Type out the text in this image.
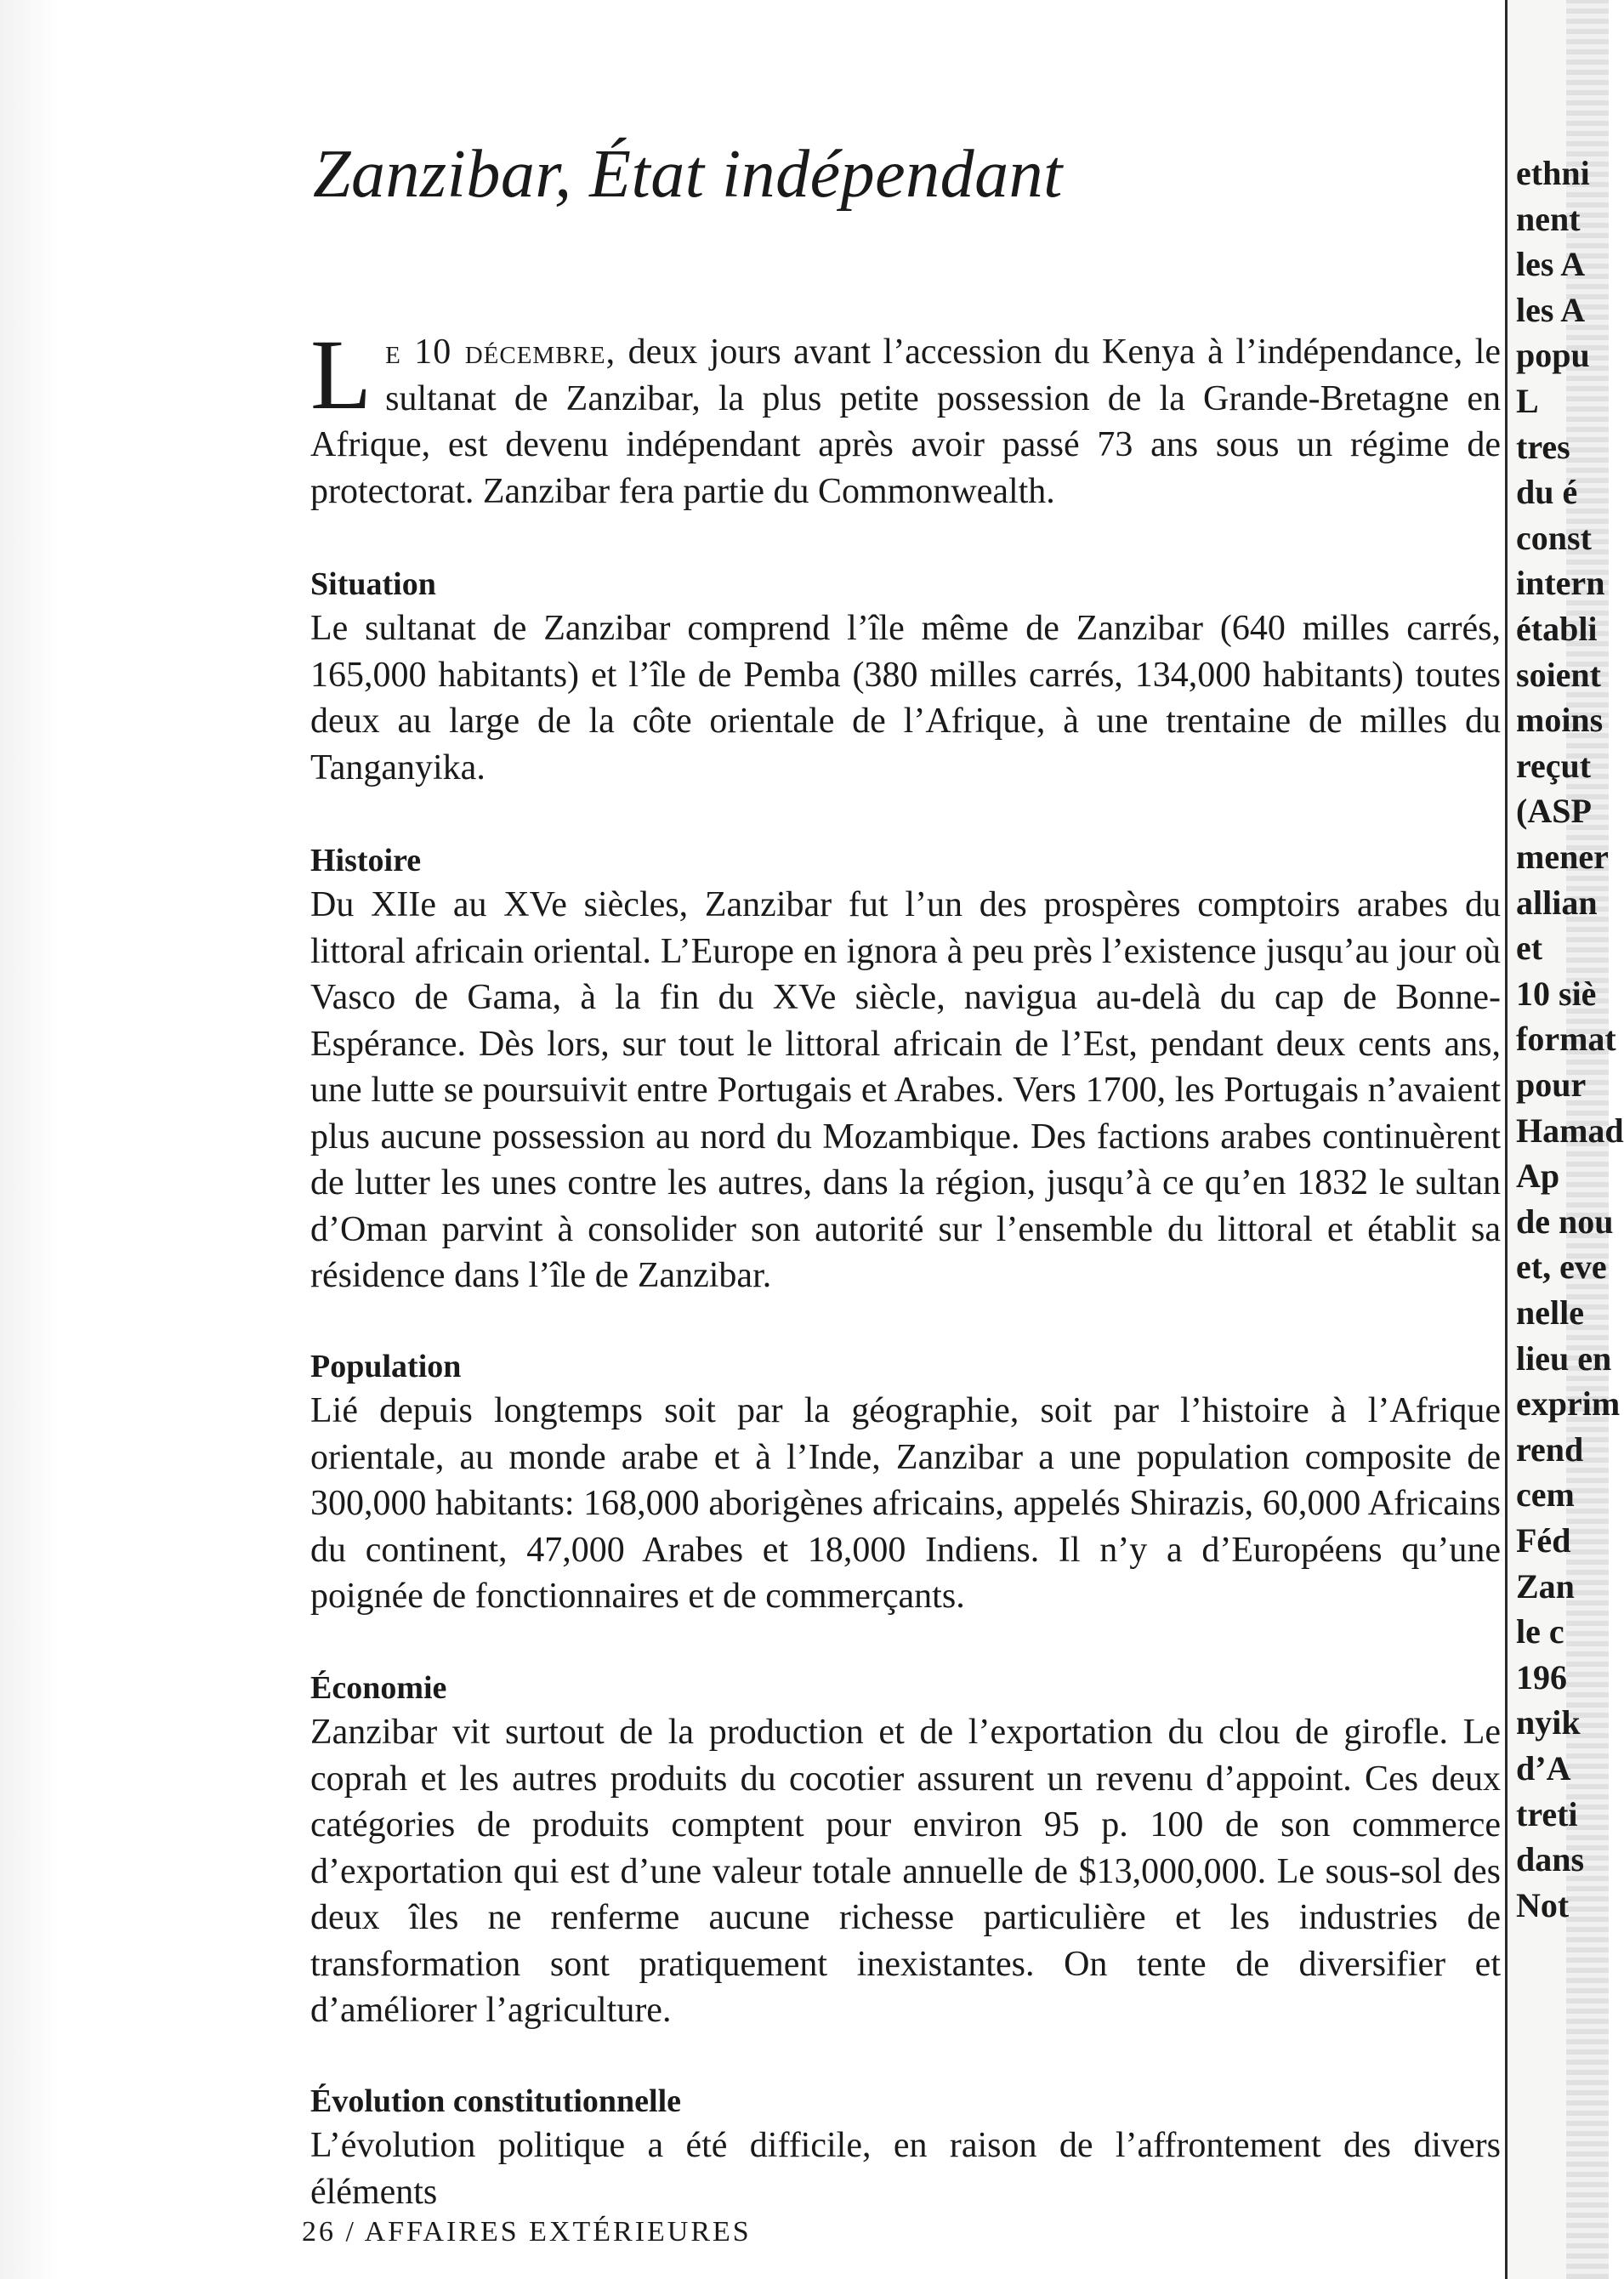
Zanzibar, État indépendant

Le 10 décembre, deux jours avant l’accession du Kenya à l’indépendance, le sultanat de Zanzibar, la plus petite possession de la Grande-Bretagne en Afrique, est devenu indépendant après avoir passé 73 ans sous un régime de protectorat. Zanzibar fera partie du Commonwealth.

Situation

Le sultanat de Zanzibar comprend l’île même de Zanzibar (640 milles carrés, 165,000 habitants) et l’île de Pemba (380 milles carrés, 134,000 habitants) toutes deux au large de la côte orientale de l’Afrique, à une trentaine de milles du Tanganyika.

Histoire

Du XIIe au XVe siècles, Zanzibar fut l’un des prospères comptoirs arabes du littoral africain oriental. L’Europe en ignora à peu près l’existence jusqu’au jour où Vasco de Gama, à la fin du XVe siècle, navigua au-delà du cap de Bonne-Espérance. Dès lors, sur tout le littoral africain de l’Est, pendant deux cents ans, une lutte se poursuivit entre Portugais et Arabes. Vers 1700, les Portugais n’avaient plus aucune possession au nord du Mozambique. Des factions arabes continuèrent de lutter les unes contre les autres, dans la région, jusqu’à ce qu’en 1832 le sultan d’Oman parvint à consolider son autorité sur l’ensemble du littoral et établit sa résidence dans l’île de Zanzibar.

Population

Lié depuis longtemps soit par la géographie, soit par l’histoire à l’Afrique orientale, au monde arabe et à l’Inde, Zanzibar a une population composite de 300,000 habitants: 168,000 aborigènes africains, appelés Shirazis, 60,000 Africains du continent, 47,000 Arabes et 18,000 Indiens. Il n’y a d’Européens qu’une poignée de fonctionnaires et de commerçants.

Économie

Zanzibar vit surtout de la production et de l’exportation du clou de girofle. Le coprah et les autres produits du cocotier assurent un revenu d’appoint. Ces deux catégories de produits comptent pour environ 95 p. 100 de son commerce d’exportation qui est d’une valeur totale annuelle de $13,000,000. Le sous-sol des deux îles ne renferme aucune richesse particulière et les industries de transformation sont pratiquement inexistantes. On tente de diversifier et d’améliorer l’agriculture.

Évolution constitutionnelle

L’évolution politique a été difficile, en raison de l’affrontement des divers éléments

26 / AFFAIRES EXTÉRIEURES
ethni
nent
les A
les A
popu
L
tres
du é
const
intern
établi
soient
moins
reçut
(ASP
mener
allian
et
10 siè
format
pour
Hamad
Ap
de nou
et, eve
nelle
lieu en
exprim
rend
cem
Féd
Zan
le c
196
nyik
d’A
treti
dans
Not
